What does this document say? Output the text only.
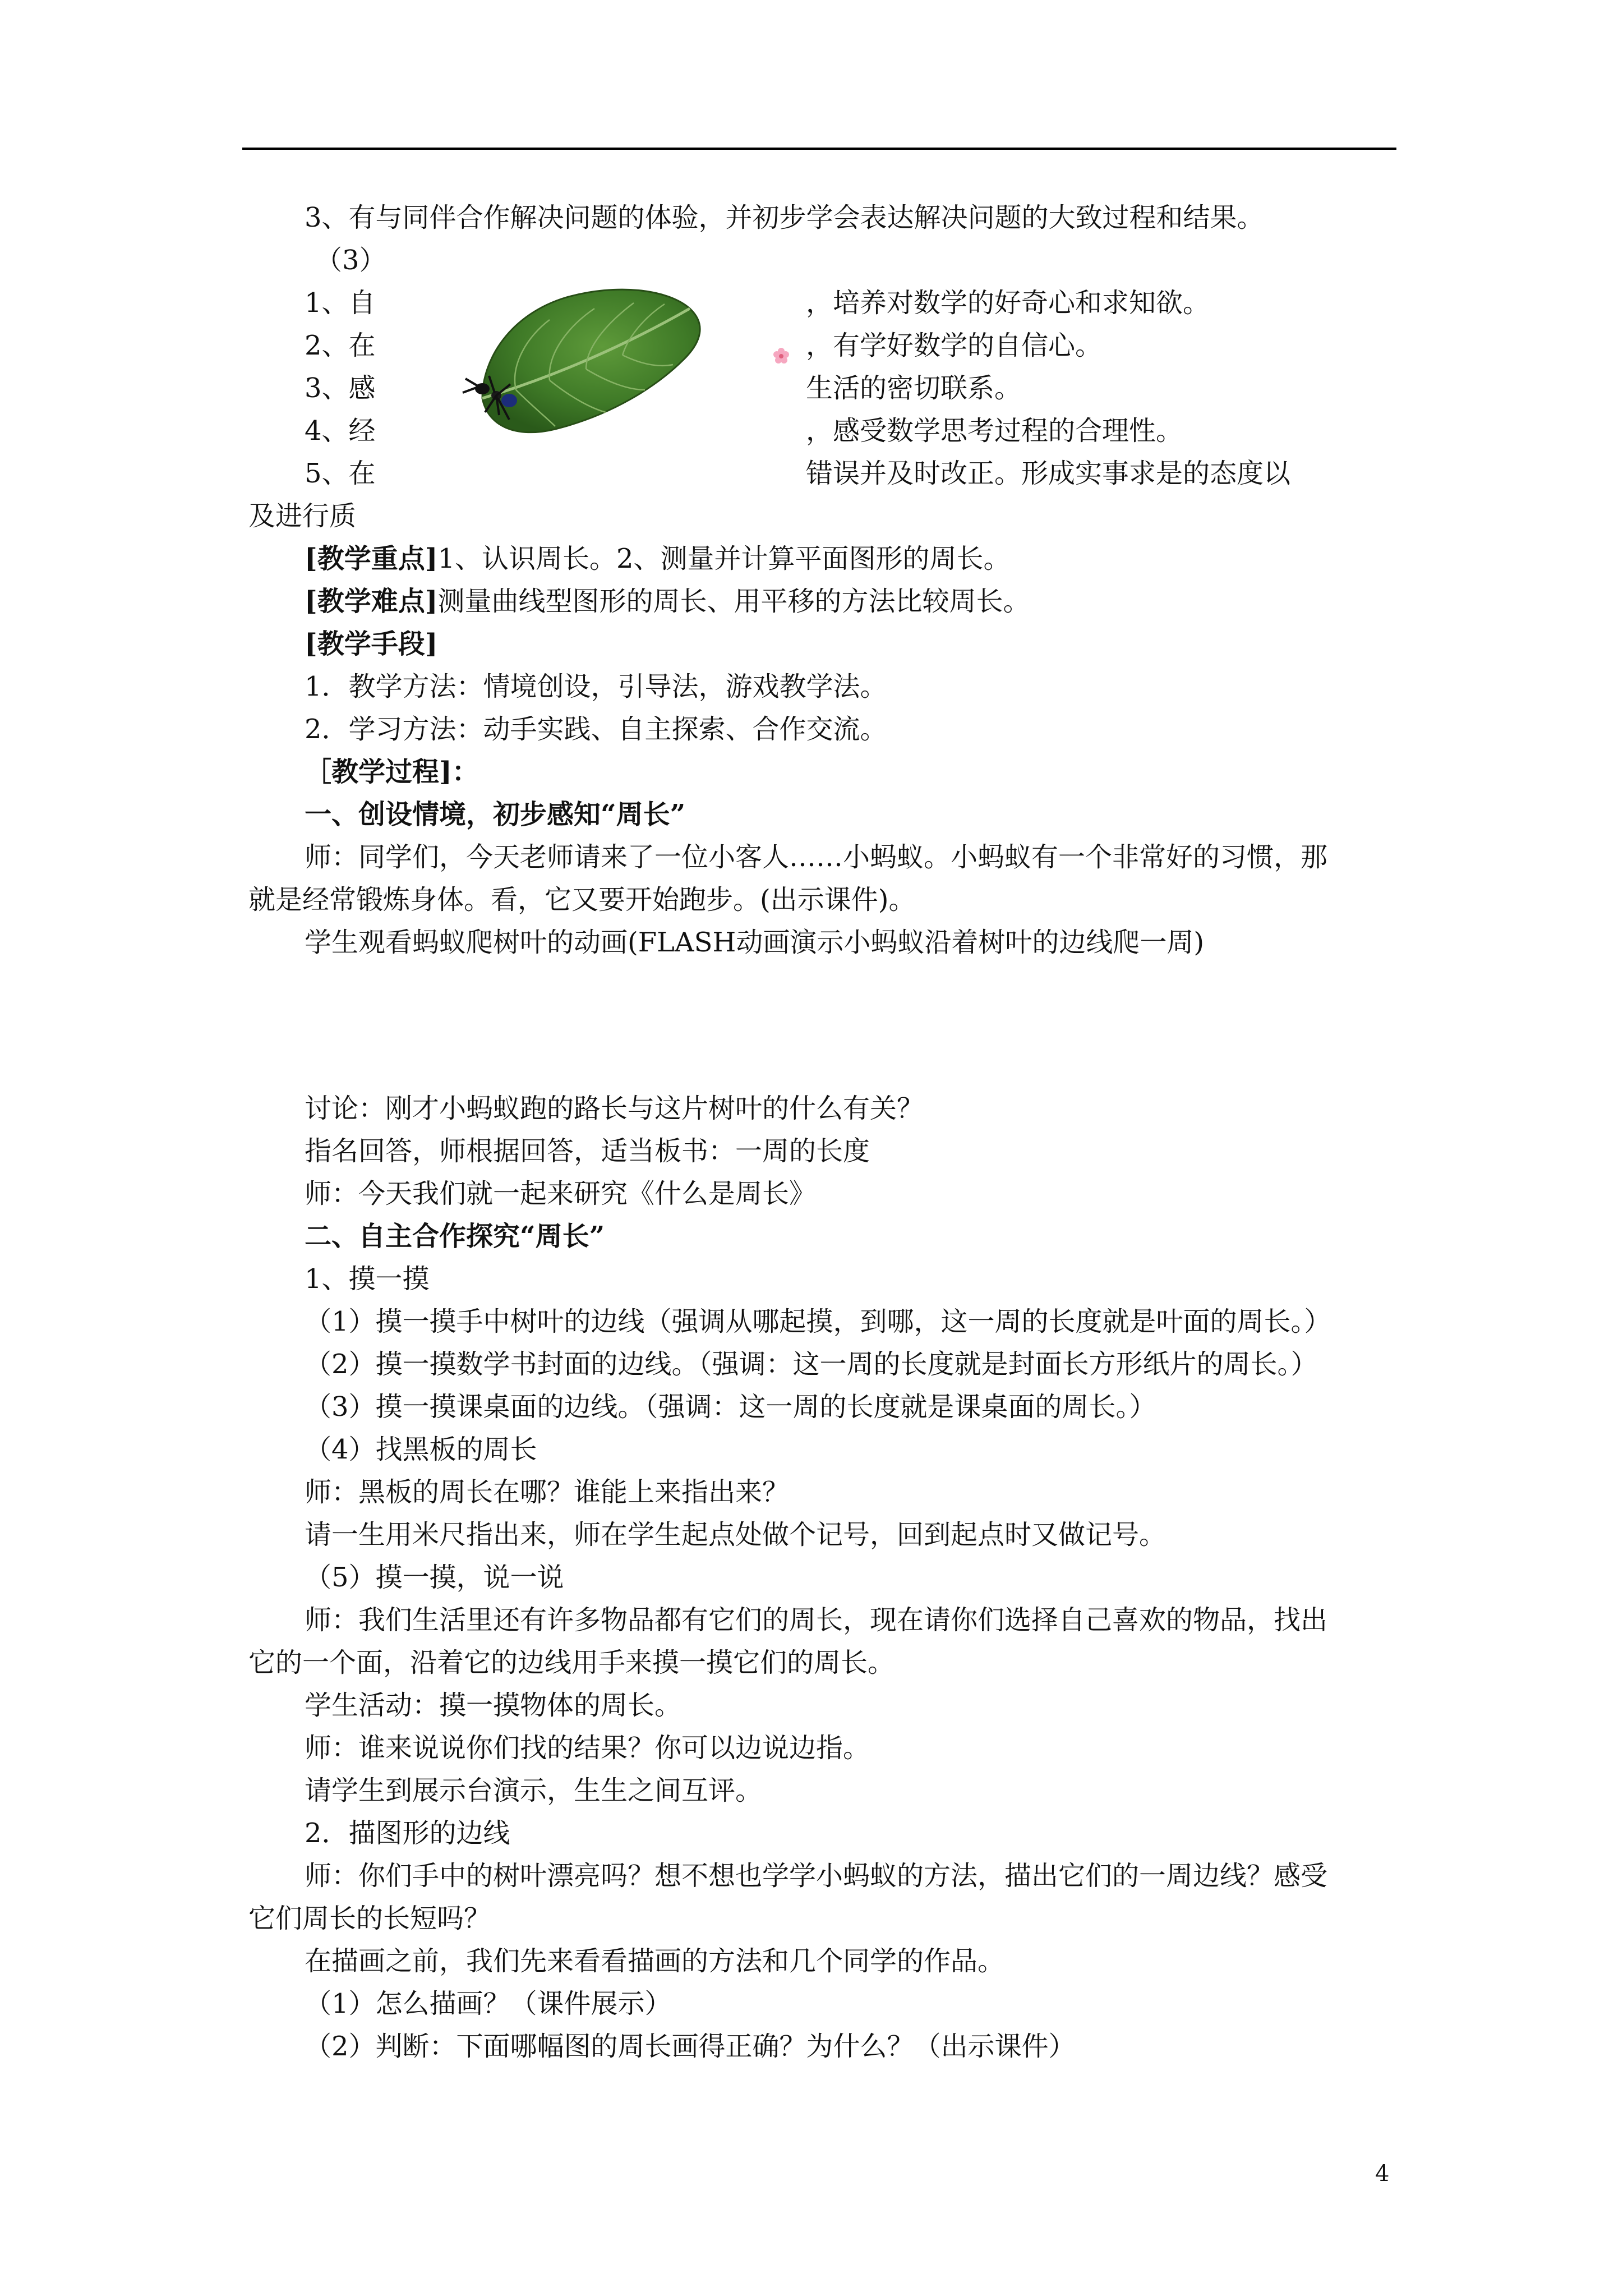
3、有与同伴合作解决问题的体验，并初步学会表达解决问题的大致过程和结果。

（3）

1、自	，培养对数学的好奇心和求知欲。

2、在	，有学好数学的自信心。

3、感	生活的密切联系。

4、经	，感受数学思考过程的合理性。

5、在	错误并及时改正。形成实事求是的态度以

及进行质

[教学重点]1、认识周长。2、测量并计算平面图形的周长。

[教学难点]测量曲线型图形的周长、用平移的方法比较周长。

[教学手段]

1．教学方法：情境创设，引导法，游戏教学法。

2．学习方法：动手实践、自主探索、合作交流。

［教学过程]：

一、创设情境，初步感知“周长”

师：同学们，今天老师请来了一位小客人……小蚂蚁。小蚂蚁有一个非常好的习惯，那

就是经常锻炼身体。看，它又要开始跑步。(出示课件)。

学生观看蚂蚁爬树叶的动画(FLASH动画演示小蚂蚁沿着树叶的边线爬一周)

讨论：刚才小蚂蚁跑的路长与这片树叶的什么有关？

指名回答，师根据回答，适当板书：一周的长度

师：今天我们就一起来研究《什么是周长》

二、自主合作探究“周长”

1、摸一摸

（1）摸一摸手中树叶的边线（强调从哪起摸，到哪，这一周的长度就是叶面的周长。）

（2）摸一摸数学书封面的边线。（强调：这一周的长度就是封面长方形纸片的周长。）

（3）摸一摸课桌面的边线。（强调：这一周的长度就是课桌面的周长。）

（4）找黑板的周长

师：黑板的周长在哪？谁能上来指出来？

请一生用米尺指出来，师在学生起点处做个记号，回到起点时又做记号。

（5）摸一摸，说一说

师：我们生活里还有许多物品都有它们的周长，现在请你们选择自己喜欢的物品，找出

它的一个面，沿着它的边线用手来摸一摸它们的周长。

学生活动：摸一摸物体的周长。

师：谁来说说你们找的结果？你可以边说边指。

请学生到展示台演示，生生之间互评。

2．描图形的边线

师：你们手中的树叶漂亮吗？想不想也学学小蚂蚁的方法，描出它们的一周边线？感受

它们周长的长短吗？

在描画之前，我们先来看看描画的方法和几个同学的作品。

（1）怎么描画？（课件展示）

（2）判断：下面哪幅图的周长画得正确？为什么？（出示课件）

4
